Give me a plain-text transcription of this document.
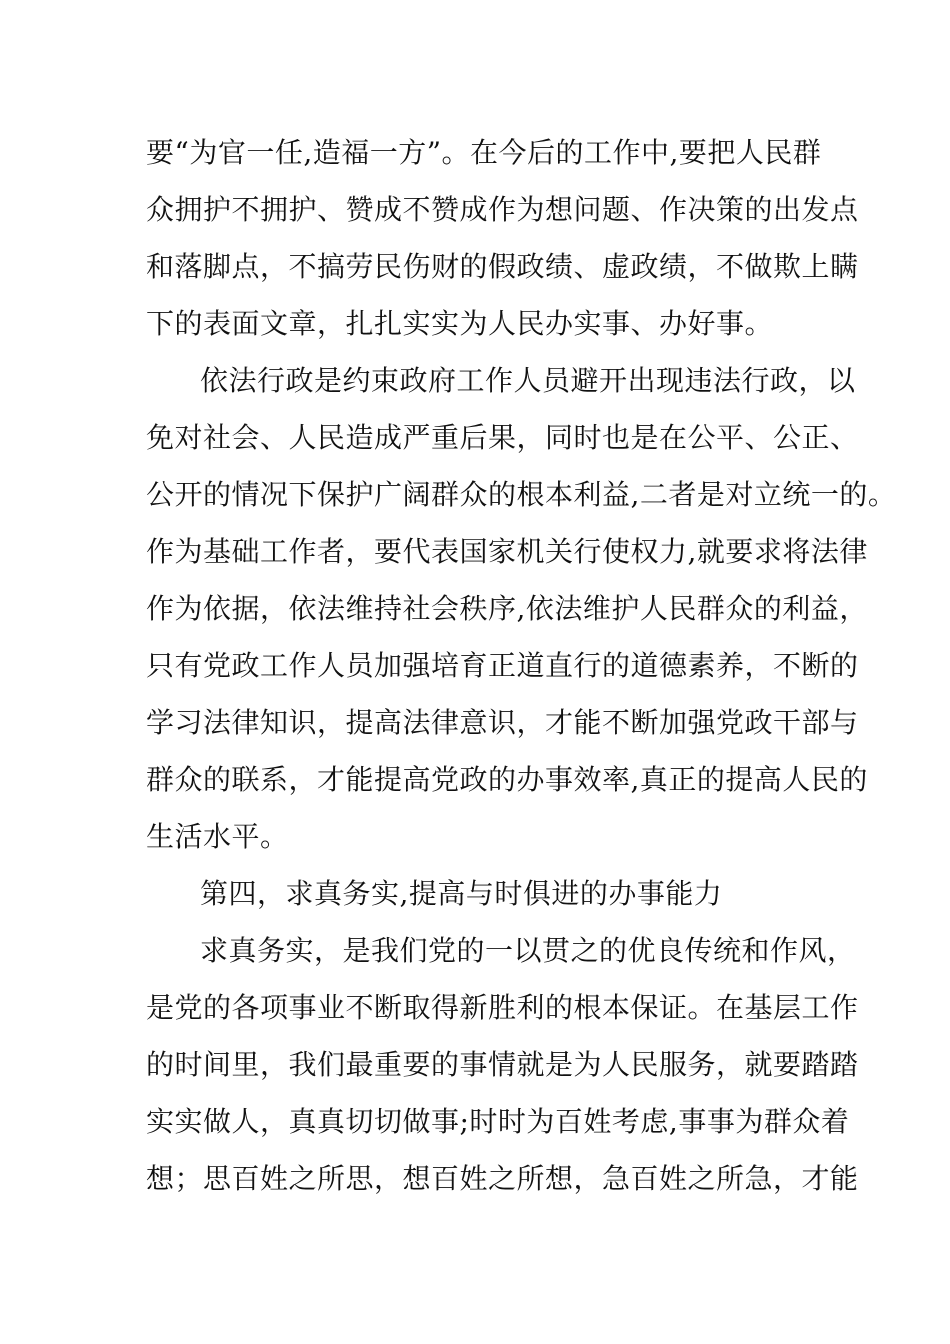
要“为官一任,造福一方”。在今后的工作中,要把人民群
众拥护不拥护、赞成不赞成作为想问题、作决策的出发点
和落脚点，不搞劳民伤财的假政绩、虚政绩，不做欺上瞒
下的表面文章，扎扎实实为人民办实事、办好事。
依法行政是约束政府工作人员避开出现违法行政，以
免对社会、人民造成严重后果，同时也是在公平、公正、
公开的情况下保护广阔群众的根本利益,二者是对立统一的。
作为基础工作者，要代表国家机关行使权力,就要求将法律
作为依据，依法维持社会秩序,依法维护人民群众的利益，
只有党政工作人员加强培育正道直行的道德素养，不断的
学习法律知识，提高法律意识，才能不断加强党政干部与
群众的联系，才能提高党政的办事效率,真正的提高人民的
生活水平。
第四，求真务实,提高与时俱进的办事能力
求真务实，是我们党的一以贯之的优良传统和作风，
是党的各项事业不断取得新胜利的根本保证。在基层工作
的时间里，我们最重要的事情就是为人民服务，就要踏踏
实实做人，真真切切做事;时时为百姓考虑,事事为群众着
想；思百姓之所思，想百姓之所想，急百姓之所急，才能
